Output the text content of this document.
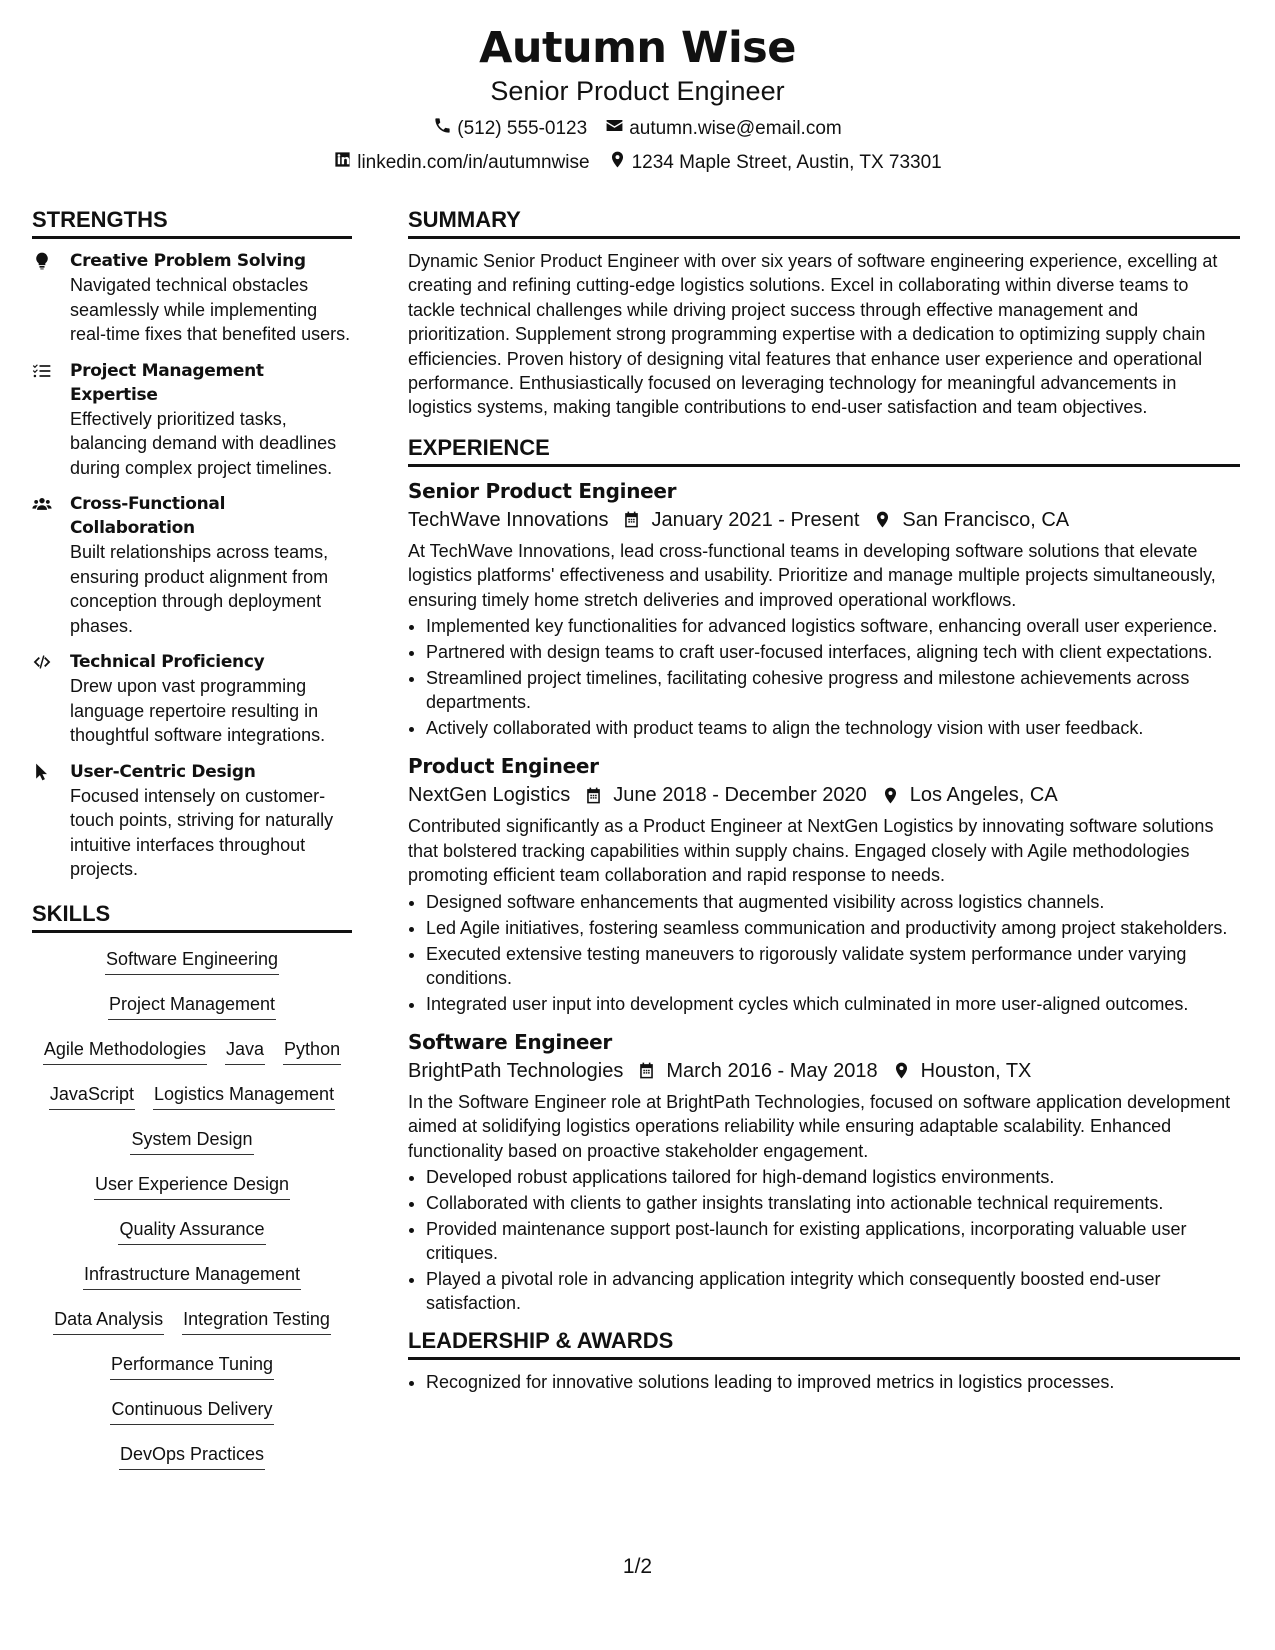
Autumn Wise
Senior Product Engineer
(512) 555-0123 autumn.wise@email.com
linkedin.com/in/autumnwise 1234 Maple Street, Austin, TX 73301
STRENGTHS
Creative Problem Solving
Navigated technical obstacles seamlessly while implementing real-time fixes that benefited users.
Project Management Expertise
Effectively prioritized tasks, balancing demand with deadlines during complex project timelines.
Cross-Functional Collaboration
Built relationships across teams, ensuring product alignment from conception through deployment phases.
Technical Proficiency
Drew upon vast programming language repertoire resulting in thoughtful software integrations.
User-Centric Design
Focused intensely on customer-touch points, striving for naturally intuitive interfaces throughout projects.
SKILLS
Software Engineering
Project Management
Agile Methodologies Java Python
JavaScript Logistics Management
System Design
User Experience Design
Quality Assurance
Infrastructure Management
Data Analysis Integration Testing
Performance Tuning
Continuous Delivery
DevOps Practices
SUMMARY
Dynamic Senior Product Engineer with over six years of software engineering experience, excelling at creating and refining cutting-edge logistics solutions. Excel in collaborating within diverse teams to tackle technical challenges while driving project success through effective management and prioritization. Supplement strong programming expertise with a dedication to optimizing supply chain efficiencies. Proven history of designing vital features that enhance user experience and operational performance. Enthusiastically focused on leveraging technology for meaningful advancements in logistics systems, making tangible contributions to end-user satisfaction and team objectives.
EXPERIENCE
Senior Product Engineer
TechWave Innovations January 2021 - Present San Francisco, CA
At TechWave Innovations, lead cross-functional teams in developing software solutions that elevate logistics platforms' effectiveness and usability. Prioritize and manage multiple projects simultaneously, ensuring timely home stretch deliveries and improved operational workflows.
• Implemented key functionalities for advanced logistics software, enhancing overall user experience.
• Partnered with design teams to craft user-focused interfaces, aligning tech with client expectations.
• Streamlined project timelines, facilitating cohesive progress and milestone achievements across departments.
• Actively collaborated with product teams to align the technology vision with user feedback.
Product Engineer
NextGen Logistics June 2018 - December 2020 Los Angeles, CA
Contributed significantly as a Product Engineer at NextGen Logistics by innovating software solutions that bolstered tracking capabilities within supply chains. Engaged closely with Agile methodologies promoting efficient team collaboration and rapid response to needs.
• Designed software enhancements that augmented visibility across logistics channels.
• Led Agile initiatives, fostering seamless communication and productivity among project stakeholders.
• Executed extensive testing maneuvers to rigorously validate system performance under varying conditions.
• Integrated user input into development cycles which culminated in more user-aligned outcomes.
Software Engineer
BrightPath Technologies March 2016 - May 2018 Houston, TX
In the Software Engineer role at BrightPath Technologies, focused on software application development aimed at solidifying logistics operations reliability while ensuring adaptable scalability. Enhanced functionality based on proactive stakeholder engagement.
• Developed robust applications tailored for high-demand logistics environments.
• Collaborated with clients to gather insights translating into actionable technical requirements.
• Provided maintenance support post-launch for existing applications, incorporating valuable user critiques.
• Played a pivotal role in advancing application integrity which consequently boosted end-user satisfaction.
LEADERSHIP & AWARDS
• Recognized for innovative solutions leading to improved metrics in logistics processes.
1/2
